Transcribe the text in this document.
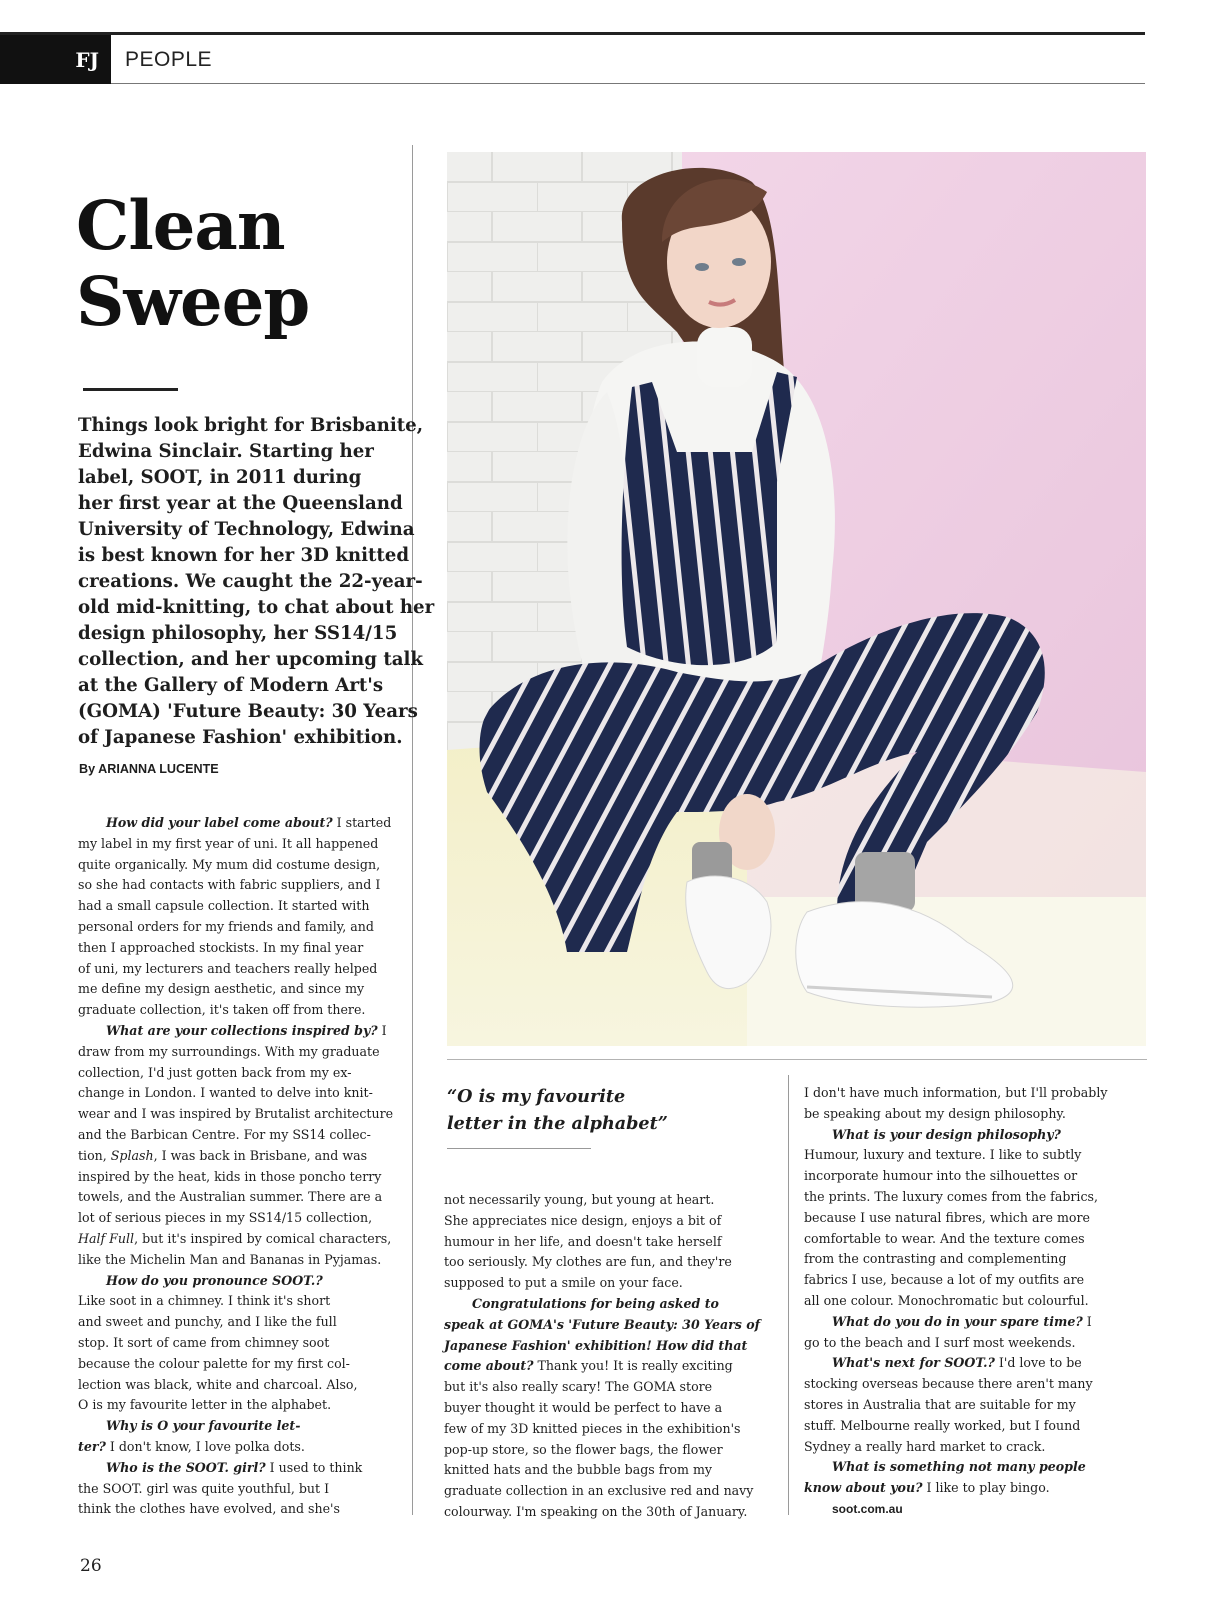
FJ	PEOPLE
Clean
Sweep
Things look bright for Brisbanite,
Edwina Sinclair. Starting her
label, SOOT, in 2011 during
her first year at the Queensland
University of Technology, Edwina
is best known for her 3D knitted
creations. We caught the 22-year-
old mid-knitting, to chat about her
design philosophy, her SS14/15
collection, and her upcoming talk
at the Gallery of Modern Art's
(GOMA) 'Future Beauty: 30 Years
of Japanese Fashion' exhibition.
By ARIANNA LUCENTE
How did your label come about? I started
my label in my first year of uni. It all happened
quite organically. My mum did costume design,
so she had contacts with fabric suppliers, and I
had a small capsule collection. It started with
personal orders for my friends and family, and
then I approached stockists. In my final year
of uni, my lecturers and teachers really helped
me define my design aesthetic, and since my
graduate collection, it's taken off from there.
What are your collections inspired by? I
draw from my surroundings. With my graduate
collection, I'd just gotten back from my ex-
change in London. I wanted to delve into knit-
wear and I was inspired by Brutalist architecture
and the Barbican Centre. For my SS14 collec-
tion, Splash, I was back in Brisbane, and was
inspired by the heat, kids in those poncho terry
towels, and the Australian summer. There are a
lot of serious pieces in my SS14/15 collection,
Half Full, but it's inspired by comical characters,
like the Michelin Man and Bananas in Pyjamas.
How do you pronounce SOOT.?
Like soot in a chimney. I think it's short
and sweet and punchy, and I like the full
stop. It sort of came from chimney soot
because the colour palette for my first col-
lection was black, white and charcoal. Also,
O is my favourite letter in the alphabet.
Why is O your favourite let-
ter? I don't know, I love polka dots.
Who is the SOOT. girl? I used to think
the SOOT. girl was quite youthful, but I
think the clothes have evolved, and she's
“O is my favourite
letter in the alphabet”
not necessarily young, but young at heart.
She appreciates nice design, enjoys a bit of
humour in her life, and doesn't take herself
too seriously. My clothes are fun, and they're
supposed to put a smile on your face.
Congratulations for being asked to
speak at GOMA's 'Future Beauty: 30 Years of
Japanese Fashion' exhibition! How did that
come about? Thank you! It is really exciting
but it's also really scary! The GOMA store
buyer thought it would be perfect to have a
few of my 3D knitted pieces in the exhibition's
pop-up store, so the flower bags, the flower
knitted hats and the bubble bags from my
graduate collection in an exclusive red and navy
colourway. I'm speaking on the 30th of January.
I don't have much information, but I'll probably
be speaking about my design philosophy.
What is your design philosophy?
Humour, luxury and texture. I like to subtly
incorporate humour into the silhouettes or
the prints. The luxury comes from the fabrics,
because I use natural fibres, which are more
comfortable to wear. And the texture comes
from the contrasting and complementing
fabrics I use, because a lot of my outfits are
all one colour. Monochromatic but colourful.
What do you do in your spare time? I
go to the beach and I surf most weekends.
What's next for SOOT.? I'd love to be
stocking overseas because there aren't many
stores in Australia that are suitable for my
stuff. Melbourne really worked, but I found
Sydney a really hard market to crack.
What is something not many people
know about you? I like to play bingo.
soot.com.au
26
